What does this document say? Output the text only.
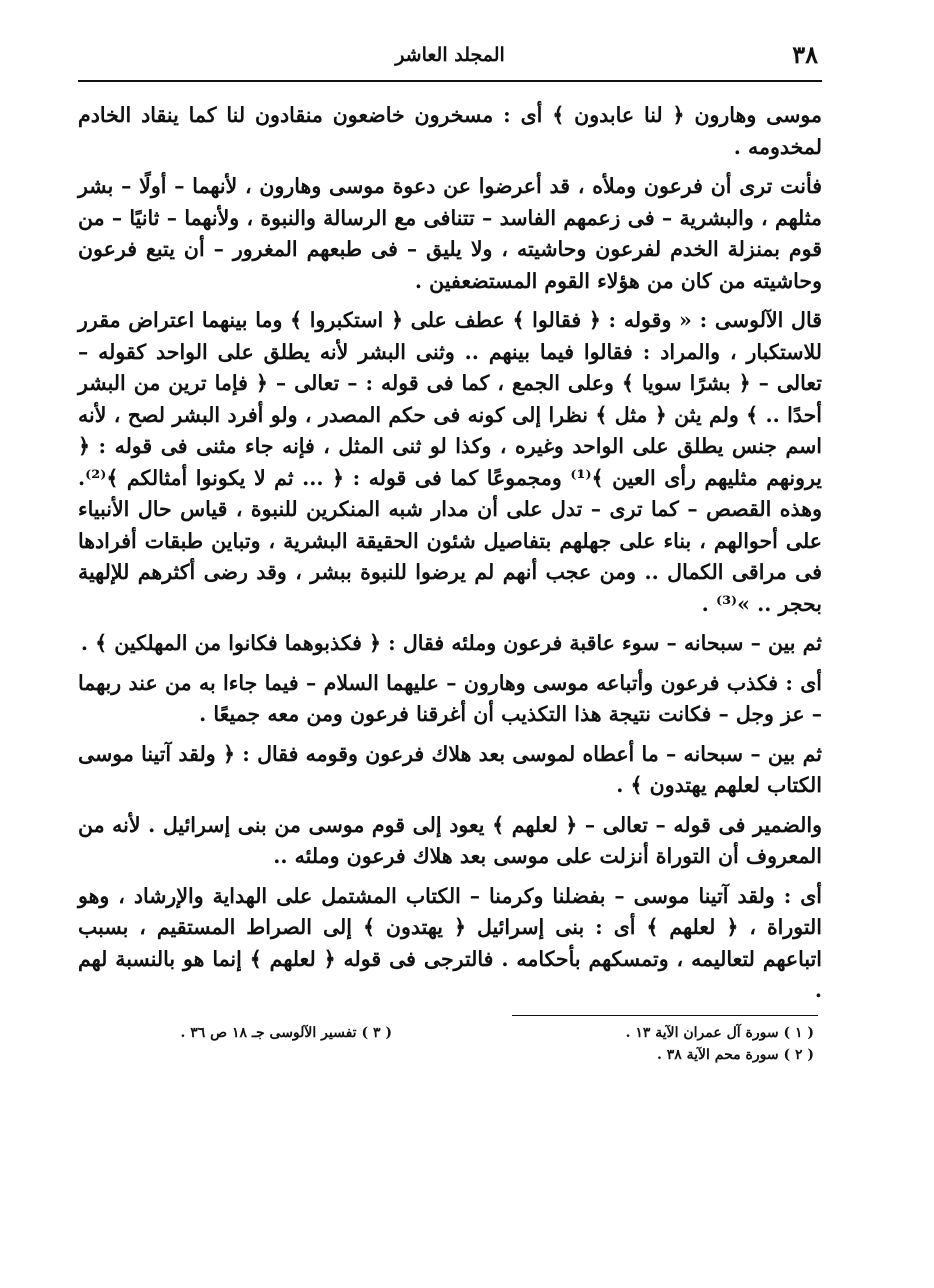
٣٨
المجلد العاشر

موسى وهارون ﴿ لنا عابدون ﴾ أى : مسخرون خاضعون منقادون لنا كما ينقاد الخادم لمخدومه .

فأنت ترى أن فرعون وملأه ، قد أعرضوا عن دعوة موسى وهارون ، لأنهما – أولًا – بشر مثلهم ، والبشرية – فى زعمهم الفاسد – تتنافى مع الرسالة والنبوة ، ولأنهما – ثانيًا – من قوم بمنزلة الخدم لفرعون وحاشيته ، ولا يليق – فى طبعهم المغرور – أن يتبع فرعون وحاشيته من كان من هؤلاء القوم المستضعفين .

قال الآلوسى : « وقوله : ﴿ فقالوا ﴾ عطف على ﴿ استكبروا ﴾ وما بينهما اعتراض مقرر للاستكبار ، والمراد : فقالوا فيما بينهم .. وثنى البشر لأنه يطلق على الواحد كقوله – تعالى – ﴿ بشرًا سويا ﴾ وعلى الجمع ، كما فى قوله : – تعالى – ﴿ فإما ترين من البشر أحدًا .. ﴾ ولم يثن ﴿ مثل ﴾ نظرا إلى كونه فى حكم المصدر ، ولو أفرد البشر لصح ، لأنه اسم جنس يطلق على الواحد وغيره ، وكذا لو ثنى المثل ، فإنه جاء مثنى فى قوله : ﴿ يرونهم مثليهم رأى العين ﴾⁽¹⁾ ومجموعًا كما فى قوله : ﴿ ... ثم لا يكونوا أمثالكم ﴾⁽²⁾. وهذه القصص – كما ترى – تدل على أن مدار شبه المنكرين للنبوة ، قياس حال الأنبياء على أحوالهم ، بناء على جهلهم بتفاصيل شئون الحقيقة البشرية ، وتباين طبقات أفرادها فى مراقى الكمال .. ومن عجب أنهم لم يرضوا للنبوة ببشر ، وقد رضى أكثرهم للإلهية بحجر .. »⁽³⁾ .

ثم بين – سبحانه – سوء عاقبة فرعون وملئه فقال : ﴿ فكذبوهما فكانوا من المهلكين ﴾ .

أى : فكذب فرعون وأتباعه موسى وهارون – عليهما السلام – فيما جاءا به من عند ربهما – عز وجل – فكانت نتيجة هذا التكذيب أن أغرقنا فرعون ومن معه جميعًا .

ثم بين – سبحانه – ما أعطاه لموسى بعد هلاك فرعون وقومه فقال : ﴿ ولقد آتينا موسى الكتاب لعلهم يهتدون ﴾ .

والضمير فى قوله – تعالى – ﴿ لعلهم ﴾ يعود إلى قوم موسى من بنى إسرائيل . لأنه من المعروف أن التوراة أنزلت على موسى بعد هلاك فرعون وملئه ..

أى : ولقد آتينا موسى – بفضلنا وكرمنا – الكتاب المشتمل على الهداية والإرشاد ، وهو التوراة ، ﴿ لعلهم ﴾ أى : بنى إسرائيل ﴿ يهتدون ﴾ إلى الصراط المستقيم ، بسبب اتباعهم لتعاليمه ، وتمسكهم بأحكامه . فالترجى فى قوله ﴿ لعلهم ﴾ إنما هو بالنسبة لهم .

( ١ ) سورة آل عمران الآية ١٣ .
( ٢ ) سورة محم الآية ٣٨ .
( ٣ ) تفسير الآلوسى جـ ١٨ ص ٣٦ .
